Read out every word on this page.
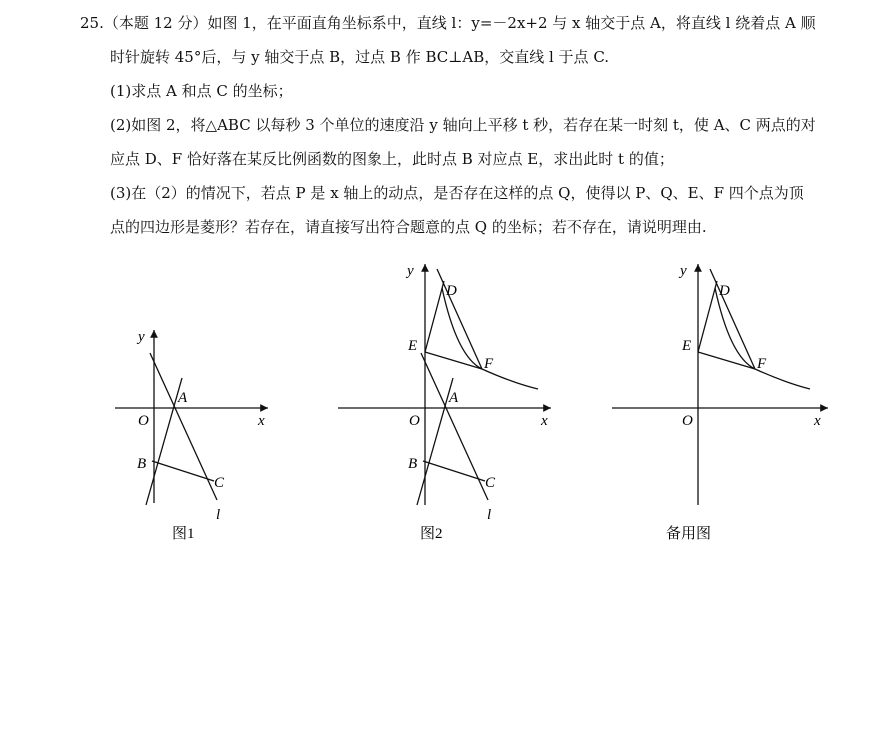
25.（本题 12 分）如图 1，在平面直角坐标系中，直线 l：y=－2x+2 与 x 轴交于点 A，将直线 l 绕着点 A 顺
时针旋转 45°后，与 y 轴交于点 B，过点 B 作 BC⊥AB，交直线 l 于点 C.
(1)求点 A 和点 C 的坐标；
(2)如图 2，将△ABC 以每秒 3 个单位的速度沿 y 轴向上平移 t 秒，若存在某一时刻 t，使 A、C 两点的对
应点 D、F 恰好落在某反比例函数的图象上，此时点 B 对应点 E，求出此时 t 的值；
(3)在（2）的情况下，若点 P 是 x 轴上的动点，是否存在这样的点 Q，使得以 P、Q、E、F 四个点为顶
点的四边形是菱形？若存在，请直接写出符合题意的点 Q 的坐标；若不存在，请说明理由.
y
x
O
A
B
C
l
图1
y
x
O
A
B
C
l
D
E
F
图2
y
x
O
D
E
F
备用图
